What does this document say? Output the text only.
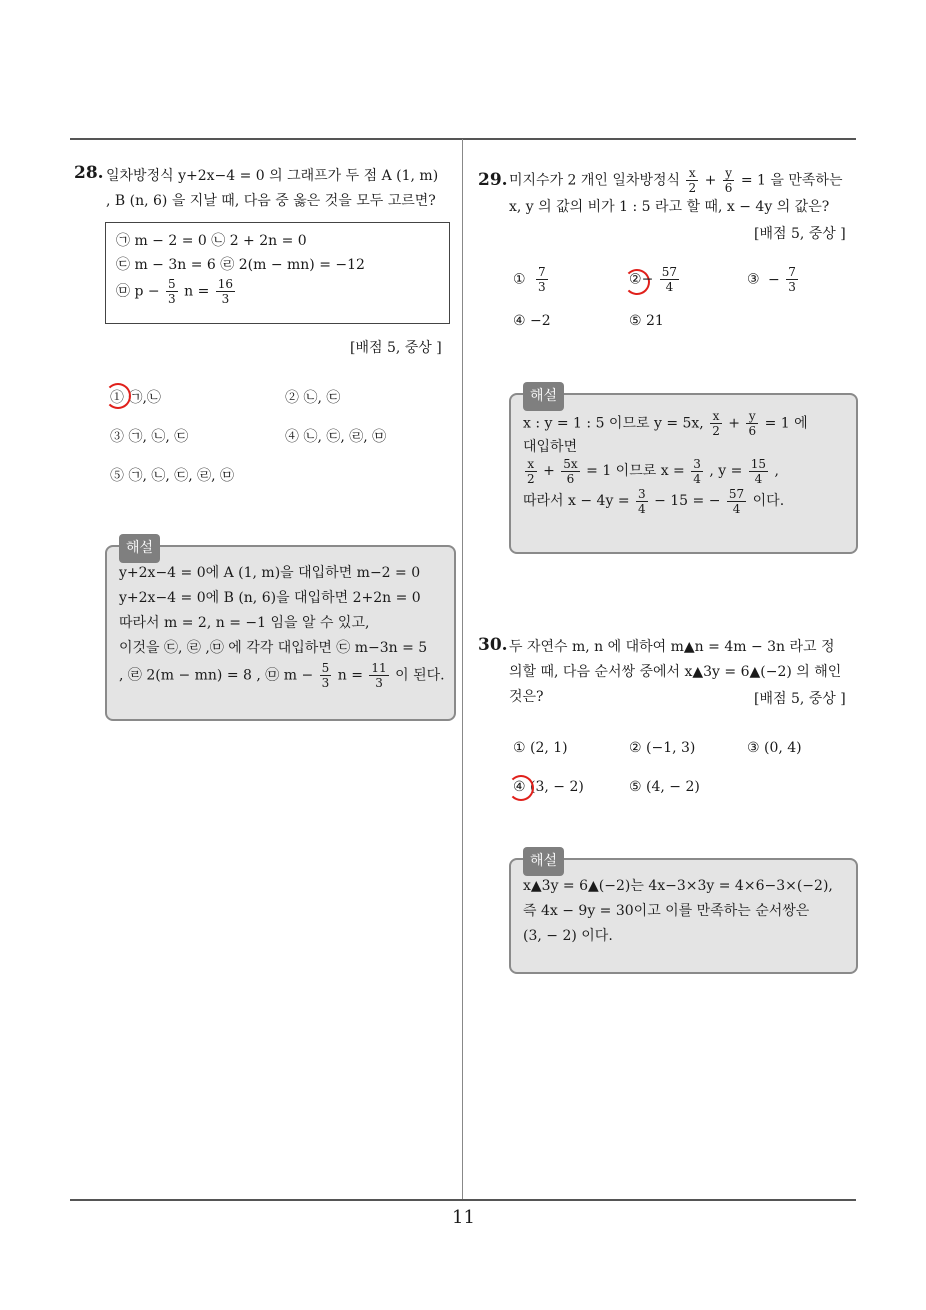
28. 일차방정식 y+2x−4 = 0 의 그래프가 두 점 A (1, m)
, B (n, 6) 을 지날 때, 다음 중 옳은 것을 모두 고르면?
㉠ m − 2 = 0 ㉡ 2 + 2n = 0
㉢ m − 3n = 6 ㉣ 2(m − mn) = −12
㉤ $p - \frac{5}{3}$ $n = \frac{16}{3}$
[배점 5, 중상 ]
① ㉠,㉡	② ㉡, ㉢
③ ㉠, ㉡, ㉢	④ ㉡, ㉢, ㉣, ㉤
⑤ ㉠, ㉡, ㉢, ㉣, ㉤
해설
y+2x−4 = 0에 A (1, m)을 대입하면 m−2 = 0
y+2x−4 = 0에 B (n, 6)을 대입하면 2+2n = 0
따라서 m = 2, n = −1 임을 알 수 있고,
이것을 ㉢, ㉣ ,㉤ 에 각각 대입하면 ㉢ m−3n = 5
, ㉣ 2(m − mn) = 8 , ㉤ $m - \frac{5}{3}$ $n = \frac{11}{3}$ 이 된다.
29. 미지수가 2 개인 일차방정식 $\frac{x}{2} + \frac{y}{6} = 1$ 을 만족하는
x, y 의 값의 비가 1 : 5 라고 할 때, x − 4y 의 값은?
[배점 5, 중상 ]
① $\frac{7}{3}$	②− $\frac{57}{4}$	③ − $\frac{7}{3}$
④ −2	⑤ 21
해설
x : y = 1 : 5 이므로 y = 5x, $\frac{x}{2} + \frac{y}{6} = 1$ 에
대입하면
$\frac{x}{2} + \frac{5x}{6} = 1$ 이므로 $x = \frac{3}{4}$ , $y = \frac{15}{4}$ ,
따라서 $x - 4y = \frac{3}{4} - 15$ = − $\frac{57}{4}$ 이다.
30. 두 자연수 m, n 에 대하여 m▲n = 4m − 3n 라고 정
의할 때, 다음 순서쌍 중에서 x▲3y = 6▲(−2) 의 해인
것은?	[배점 5, 중상 ]
① (2, 1)	② (−1, 3)	③ (0, 4)
④ (3, − 2)	⑤ (4, − 2)
해설
x▲3y = 6▲(−2)는 4x−3×3y = 4×6−3×(−2),
즉 4x − 9y = 30이고 이를 만족하는 순서쌍은
(3, − 2) 이다.
11
